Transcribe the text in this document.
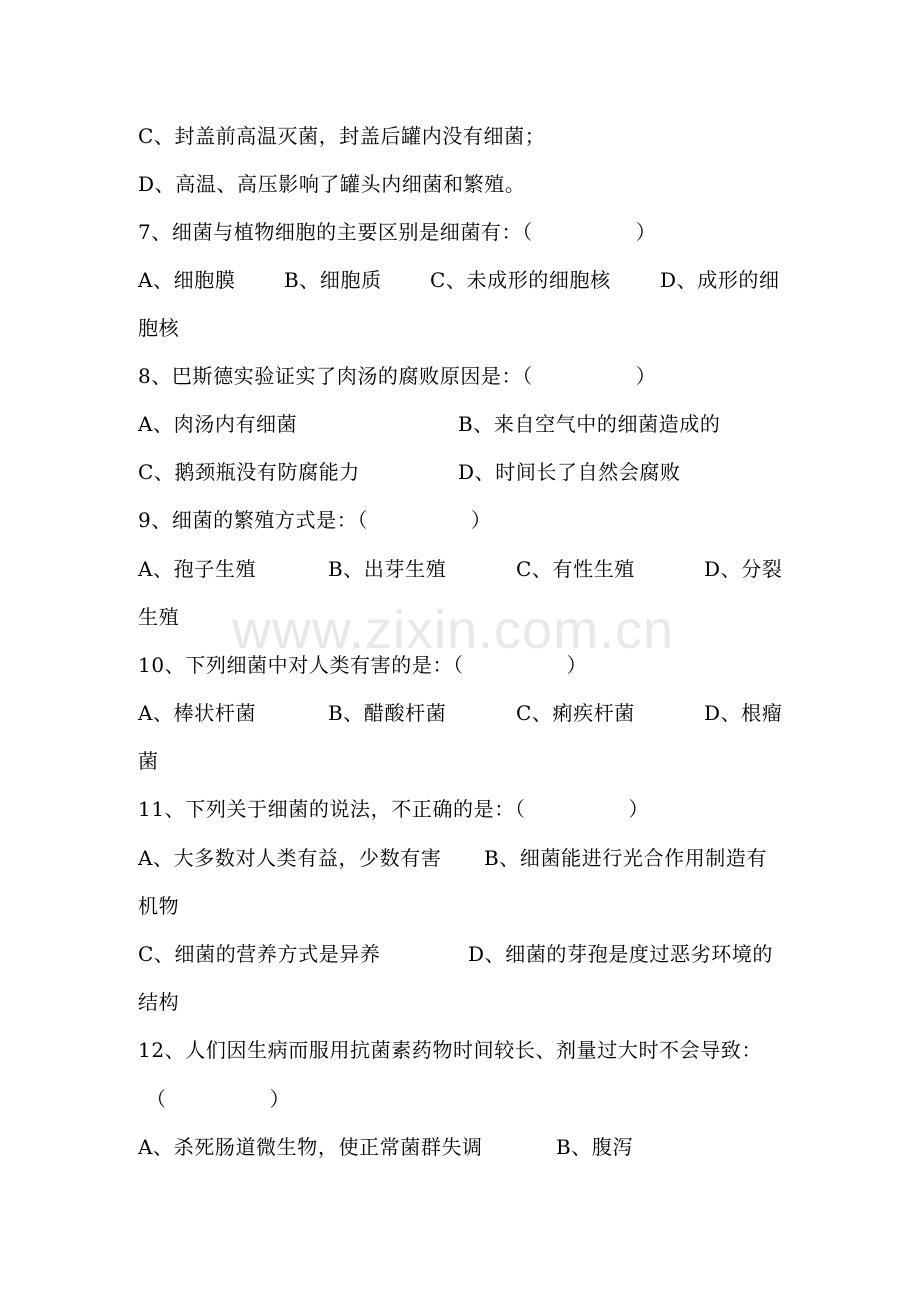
C、封盖前高温灭菌，封盖后罐内没有细菌；
D、高温、高压影响了罐头内细菌和繁殖。
7、细菌与植物细胞的主要区别是细菌有：（　　　　　）
A、细胞膜 B、细胞质 C、未成形的细胞核 D、成形的细
胞核
8、巴斯德实验证实了肉汤的腐败原因是：（　　　　　）
A、肉汤内有细菌	B、来自空气中的细菌造成的
C、鹅颈瓶没有防腐能力	D、时间长了自然会腐败
9、细菌的繁殖方式是：（　　　　　）
A、孢子生殖	B、出芽生殖	C、有性生殖	D、分裂
生殖
10、下列细菌中对人类有害的是：（　　　　　）
A、棒状杆菌	B、醋酸杆菌	C、痢疾杆菌	D、根瘤
菌
11、下列关于细菌的说法，不正确的是：（　　　　　）
A、大多数对人类有益，少数有害 B、细菌能进行光合作用制造有
机物
C、细菌的营养方式是异养	D、细菌的芽孢是度过恶劣环境的
结构
12、人们因生病而服用抗菌素药物时间较长、剂量过大时不会导致：
（　　　　　）
A、杀死肠道微生物，使正常菌群失调	B、腹泻
www.zixin.com.cn
